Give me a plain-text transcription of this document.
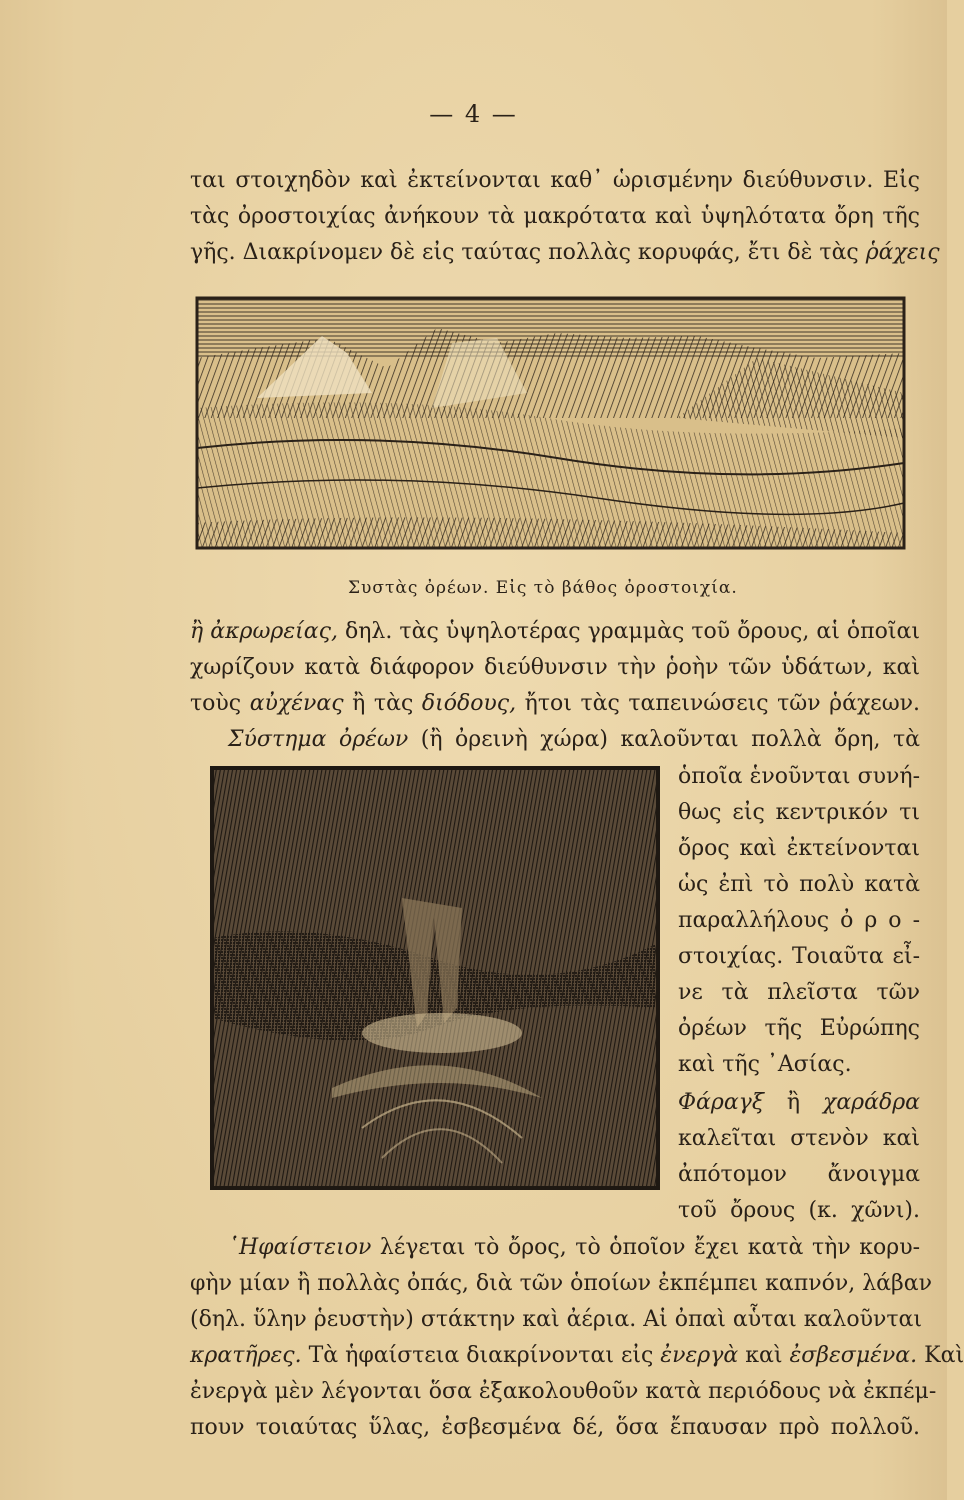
— 4 —
ται στοιχηδὸν καὶ ἐκτείνονται καθ᾽ ὡρισμένην διεύθυνσιν. Εἰς
τὰς ὀροστοιχίας ἀνήκουν τὰ μακρότατα καὶ ὑψηλότατα ὄρη τῆς
γῆς. Διακρίνομεν δὲ εἰς ταύτας πολλὰς κορυφάς, ἔτι δὲ τὰς ῥάχεις
Συστὰς ὀρέων. Εἰς τὸ βάθος ὀροστοιχία.
ἢ ἀκρωρείας, δηλ. τὰς ὑψηλοτέρας γραμμὰς τοῦ ὄρους, αἱ ὁποῖαι
χωρίζουν κατὰ διάφορον διεύθυνσιν τὴν ῥοὴν τῶν ὑδάτων, καὶ
τοὺς αὐχένας ἢ τὰς διόδους, ἤτοι τὰς ταπεινώσεις τῶν ῥάχεων.
Σύστημα ὀρέων (ἢ ὀρεινὴ χώρα) καλοῦνται πολλὰ ὄρη, τὰ
ὁποῖα ἑνοῦνται συνή-
θως εἰς κεντρικόν τι
ὄρος καὶ ἐκτείνονται
ὡς ἐπὶ τὸ πολὺ κατὰ
παραλλήλους ὀ ρ ο -
στοιχίας. Τοιαῦτα εἶ-
νε τὰ πλεῖστα τῶν
ὀρέων τῆς Εὐρώπης
καὶ τῆς ᾽Ασίας.
Φάραγξ ἢ χαράδρα
καλεῖται στενὸν καὶ
ἀπότομον ἄνοιγμα
τοῦ ὄρους (κ. χῶνι).
῾Ηφαίστειον λέγεται τὸ ὄρος, τὸ ὁποῖον ἔχει κατὰ τὴν κορυ-
φὴν μίαν ἢ πολλὰς ὀπάς, διὰ τῶν ὁποίων ἐκπέμπει καπνόν, λάβαν
(δηλ. ὕλην ῥευστὴν) στάκτην καὶ ἀέρια. Αἱ ὀπαὶ αὗται καλοῦνται
κρατῆρες. Τὰ ἡφαίστεια διακρίνονται εἰς ἐνεργὰ καὶ ἐσβεσμένα. Καὶ
ἐνεργὰ μὲν λέγονται ὅσα ἐξακολουθοῦν κατὰ περιόδους νὰ ἐκπέμ-
πουν τοιαύτας ὕλας, ἐσβεσμένα δέ, ὅσα ἔπαυσαν πρὸ πολλοῦ.
